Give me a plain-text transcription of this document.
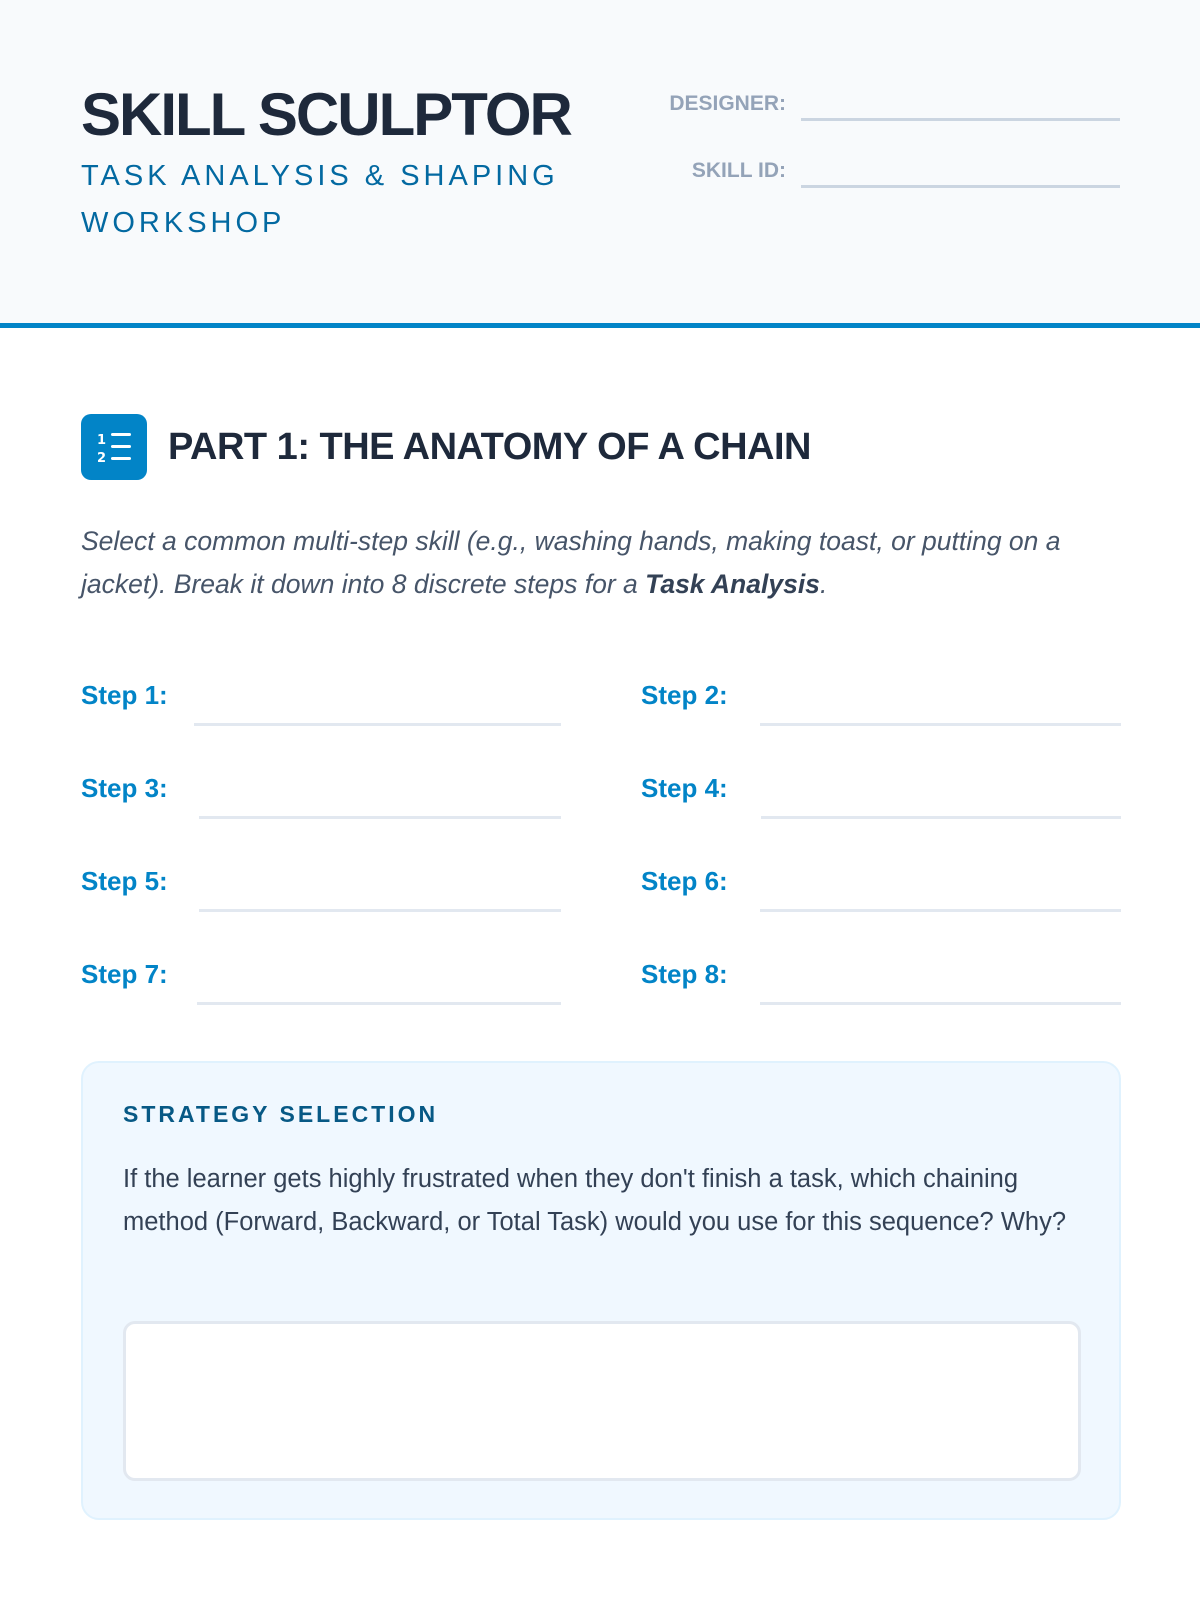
SKILL SCULPTOR

TASK ANALYSIS & SHAPING WORKSHOP

DESIGNER:
SKILL ID:
1
2 PART 1: THE ANATOMY OF A CHAIN

Select a common multi-step skill (e.g., washing hands, making toast, or putting on a jacket). Break it down into 8 discrete steps for a Task Analysis.

Step 1:	Step 2:
Step 3:	Step 4:
Step 5:	Step 6:
Step 7:	Step 8:
STRATEGY SELECTION

If the learner gets highly frustrated when they don't finish a task, which chaining method (Forward, Backward, or Total Task) would you use for this sequence? Why?
